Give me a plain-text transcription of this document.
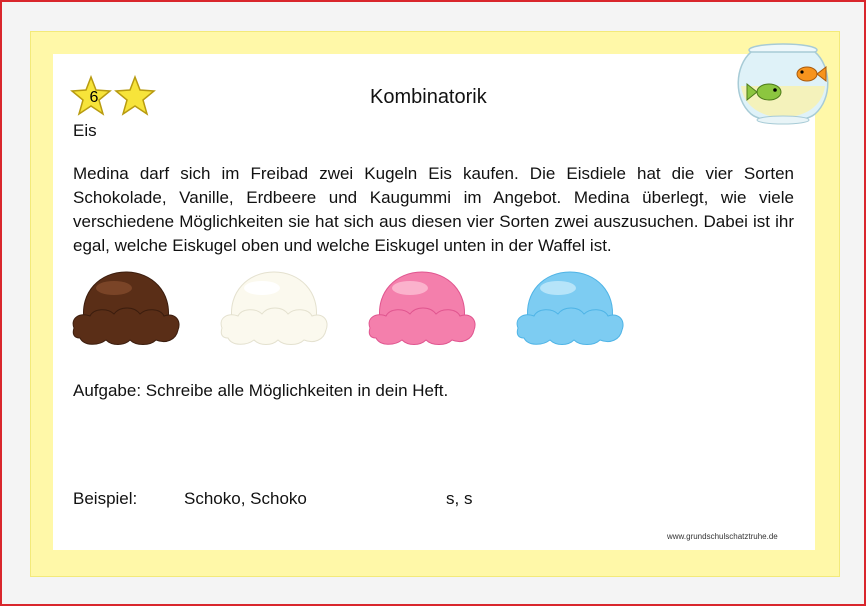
6	Kombinatorik
Eis
Medina darf sich im Freibad zwei Kugeln Eis kaufen. Die Eisdiele hat die vier Sorten Schokolade, Vanille, Erdbeere und Kaugummi im Angebot. Medina überlegt, wie viele verschiedene Möglichkeiten sie hat sich aus diesen vier Sorten zwei auszusuchen. Dabei ist ihr egal, welche Eiskugel oben und welche Eiskugel unten in der Waffel ist.
Aufgabe: Schreibe alle Möglichkeiten in dein Heft.
Beispiel:	Schoko, Schoko	s, s
www.grundschulschatztruhe.de
